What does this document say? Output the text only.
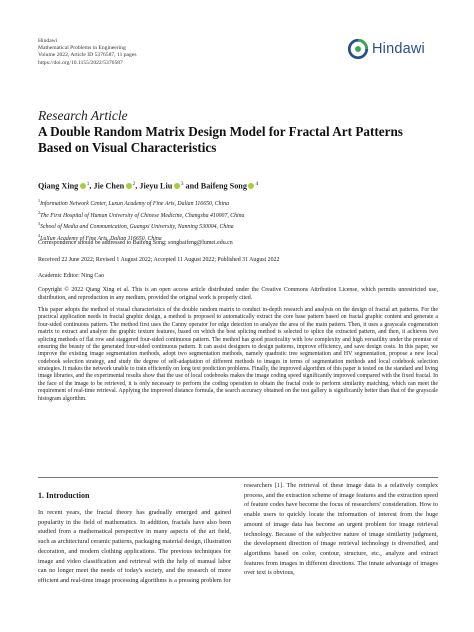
Hindawi
Mathematical Problems in Engineering
Volume 2022, Article ID 5376587, 11 pages
https://doi.org/10.1155/2022/5376587
Hindawi
Research Article
A Double Random Matrix Design Model for Fractal Art Patterns Based on Visual Characteristics
Qiang Xing $^1$, Jie Chen $^2$, Jieyu Liu $^3$ and Baifeng Song $^4$
$^1$Information Network Center, Luxun Academy of Fine Arts, Dalian 116650, China
$^2$The First Hospital of Human University of Chinese Medicine, Changsha 410007, China
$^3$School of Media and Communication, Guangxi University, Nanning 530004, China
$^4$LuXun Academy of Fine Arts, Dalian 116650, China
Correspondence should be addressed to Baifeng Song; songbaifeng@lumei.edu.cn
Received 22 June 2022; Revised 1 August 2022; Accepted 11 August 2022; Published 31 August 2022
Academic Editor: Ning Cao
Copyright © 2022 Qiang Xing et al. This is an open access article distributed under the Creative Commons Attribution License, which permits unrestricted use, distribution, and reproduction in any medium, provided the original work is properly cited.
This paper adopts the method of visual characteristics of the double random matrix to conduct in-depth research and analysis on the design of fractal art patterns. For the practical application needs in fractal graphic design, a method is proposed to automatically extract the core base pattern based on fractal graphic content and generate a four-sided continuous pattern. The method first uses the Canny operator for edge detection to analyze the area of the main pattern. Then, it uses a grayscale cogeneration matrix to extract and analyze the graphic texture features, based on which the best splicing method is selected to splice the extracted pattern, and then, it achieves two splicing methods of flat row and staggered four-sided continuous pattern. The method has good practicality with low complexity and high versatility under the premise of ensuring the beauty of the generated four-sided continuous pattern. It can assist designers to design patterns, improve efficiency, and save design costs. In this paper, we improve the existing image segmentation methods, adopt two segmentation methods, namely quadratic tree segmentation and HV segmentation, propose a new local codebook selection strategy, and study the degree of self-adaptation of different methods to images in terms of segmentation methods and local codebook selection strategies. It makes the network unable to train efficiently on long text prediction problems. Finally, the improved algorithm of this paper is tested on the standard and living image libraries, and the experimental results show that the use of local codebooks makes the image coding speed significantly improved compared with the fixed fractal. In the face of the image to be retrieved, it is only necessary to perform the coding operation to obtain the fractal code to perform similarity matching, which can meet the requirement of real-time retrieval. Applying the improved distance formula, the search accuracy obtained on the test gallery is significantly better than that of the grayscale histogram algorithm.
1. Introduction
In recent years, the fractal theory has gradually emerged and gained popularity in the field of mathematics. In addition, fractals have also been studied from a mathematical perspective in many aspects of the art field, such as architectural ceramic patterns, packaging material design, illustration decoration, and modern clothing applications. The previous techniques for image and video classification and retrieval with the help of manual labor can no longer meet the needs of today's society, and the research of more efficient and real-time image processing algorithms is a pressing problem for
researchers [1]. The retrieval of these image data is a relatively complex process, and the extraction scheme of image features and the extraction speed of feature codes have become the focus of researchers' consideration. How to enable users to quickly locate the information of interest from the huge amount of image data has become an urgent problem for image retrieval technology. Because of the subjective nature of image similarity judgment, the development direction of image retrieval technology is diversified, and algorithms based on color, contour, structure, etc., analyze and extract features from images in different directions. The innate advantage of images over text is obvious,
